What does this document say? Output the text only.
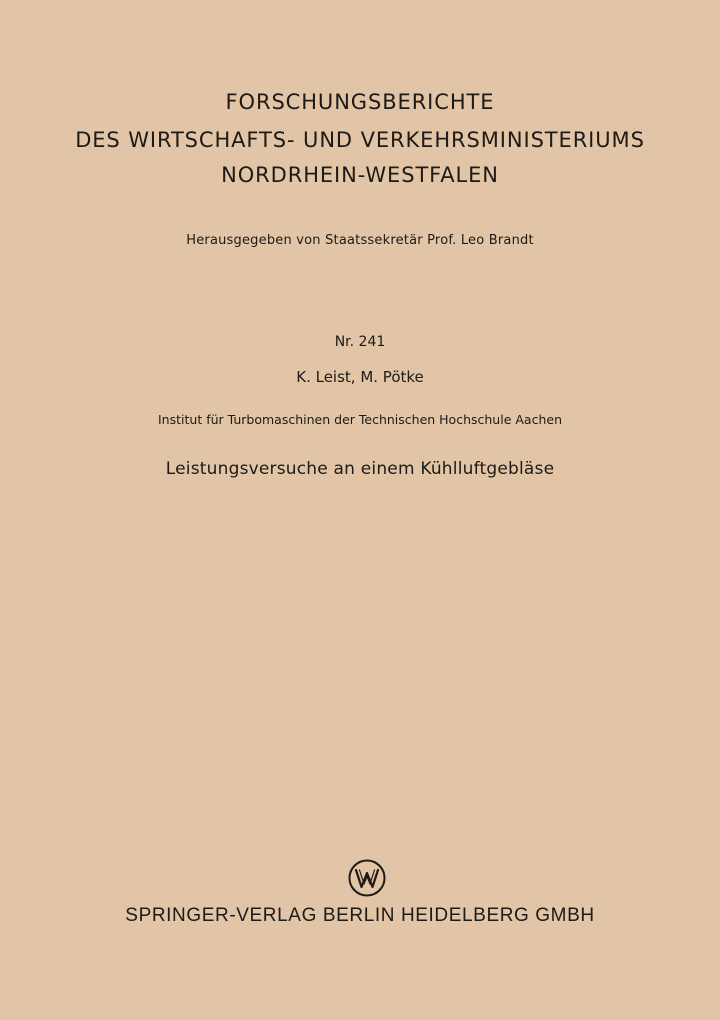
FORSCHUNGSBERICHTE
DES WIRTSCHAFTS- UND VERKEHRSMINISTERIUMS
NORDRHEIN-WESTFALEN
Herausgegeben von Staatssekretär Prof. Leo Brandt
Nr. 241
K. Leist, M. Pötke
Institut für Turbomaschinen der Technischen Hochschule Aachen
Leistungsversuche an einem Kühlluftgebläse
SPRINGER-VERLAG BERLIN HEIDELBERG GMBH
